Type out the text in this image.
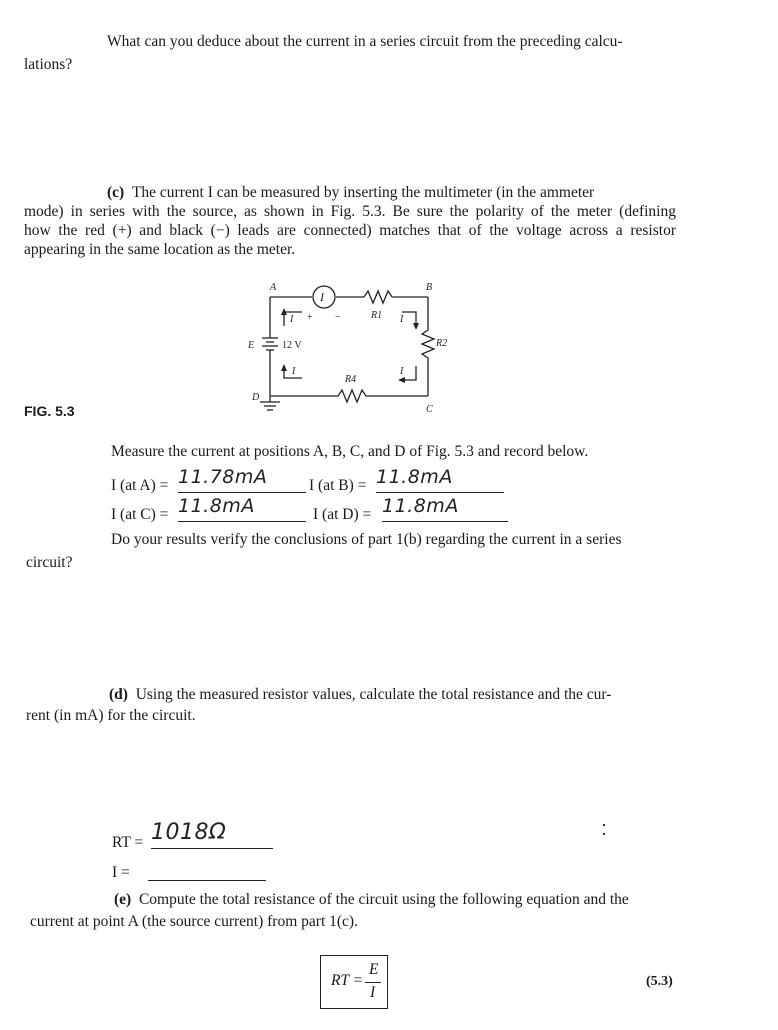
What can you deduce about the current in a series circuit from the preceding calcu-
lations?
(c) The current I can be measured by inserting the multimeter (in the ammeter
mode) in series with the source, as shown in Fig. 5.3. Be sure the polarity of the meter (defining
how the red (+) and black (−) leads are connected) matches that of the voltage across a resistor
appearing in the same location as the meter.
A	B
C
D
I
+ −	R1
R2
R4
E	12 V
I
I
I
I
FIG. 5.3
Measure the current at positions A, B, C, and D of Fig. 5.3 and record below.
I (at A) = 11.78mA	I (at B) = 11.8mA
I (at C) = 11.8mA	I (at D) = 11.8mA
Do your results verify the conclusions of part 1(b) regarding the current in a series
circuit?
(d) Using the measured resistor values, calculate the total resistance and the cur-
rent (in mA) for the circuit.
RT = 1018Ω
I =
(e) Compute the total resistance of the circuit using the following equation and the
current at point A (the source current) from part 1(c).
RT =
E
I
(5.3)
